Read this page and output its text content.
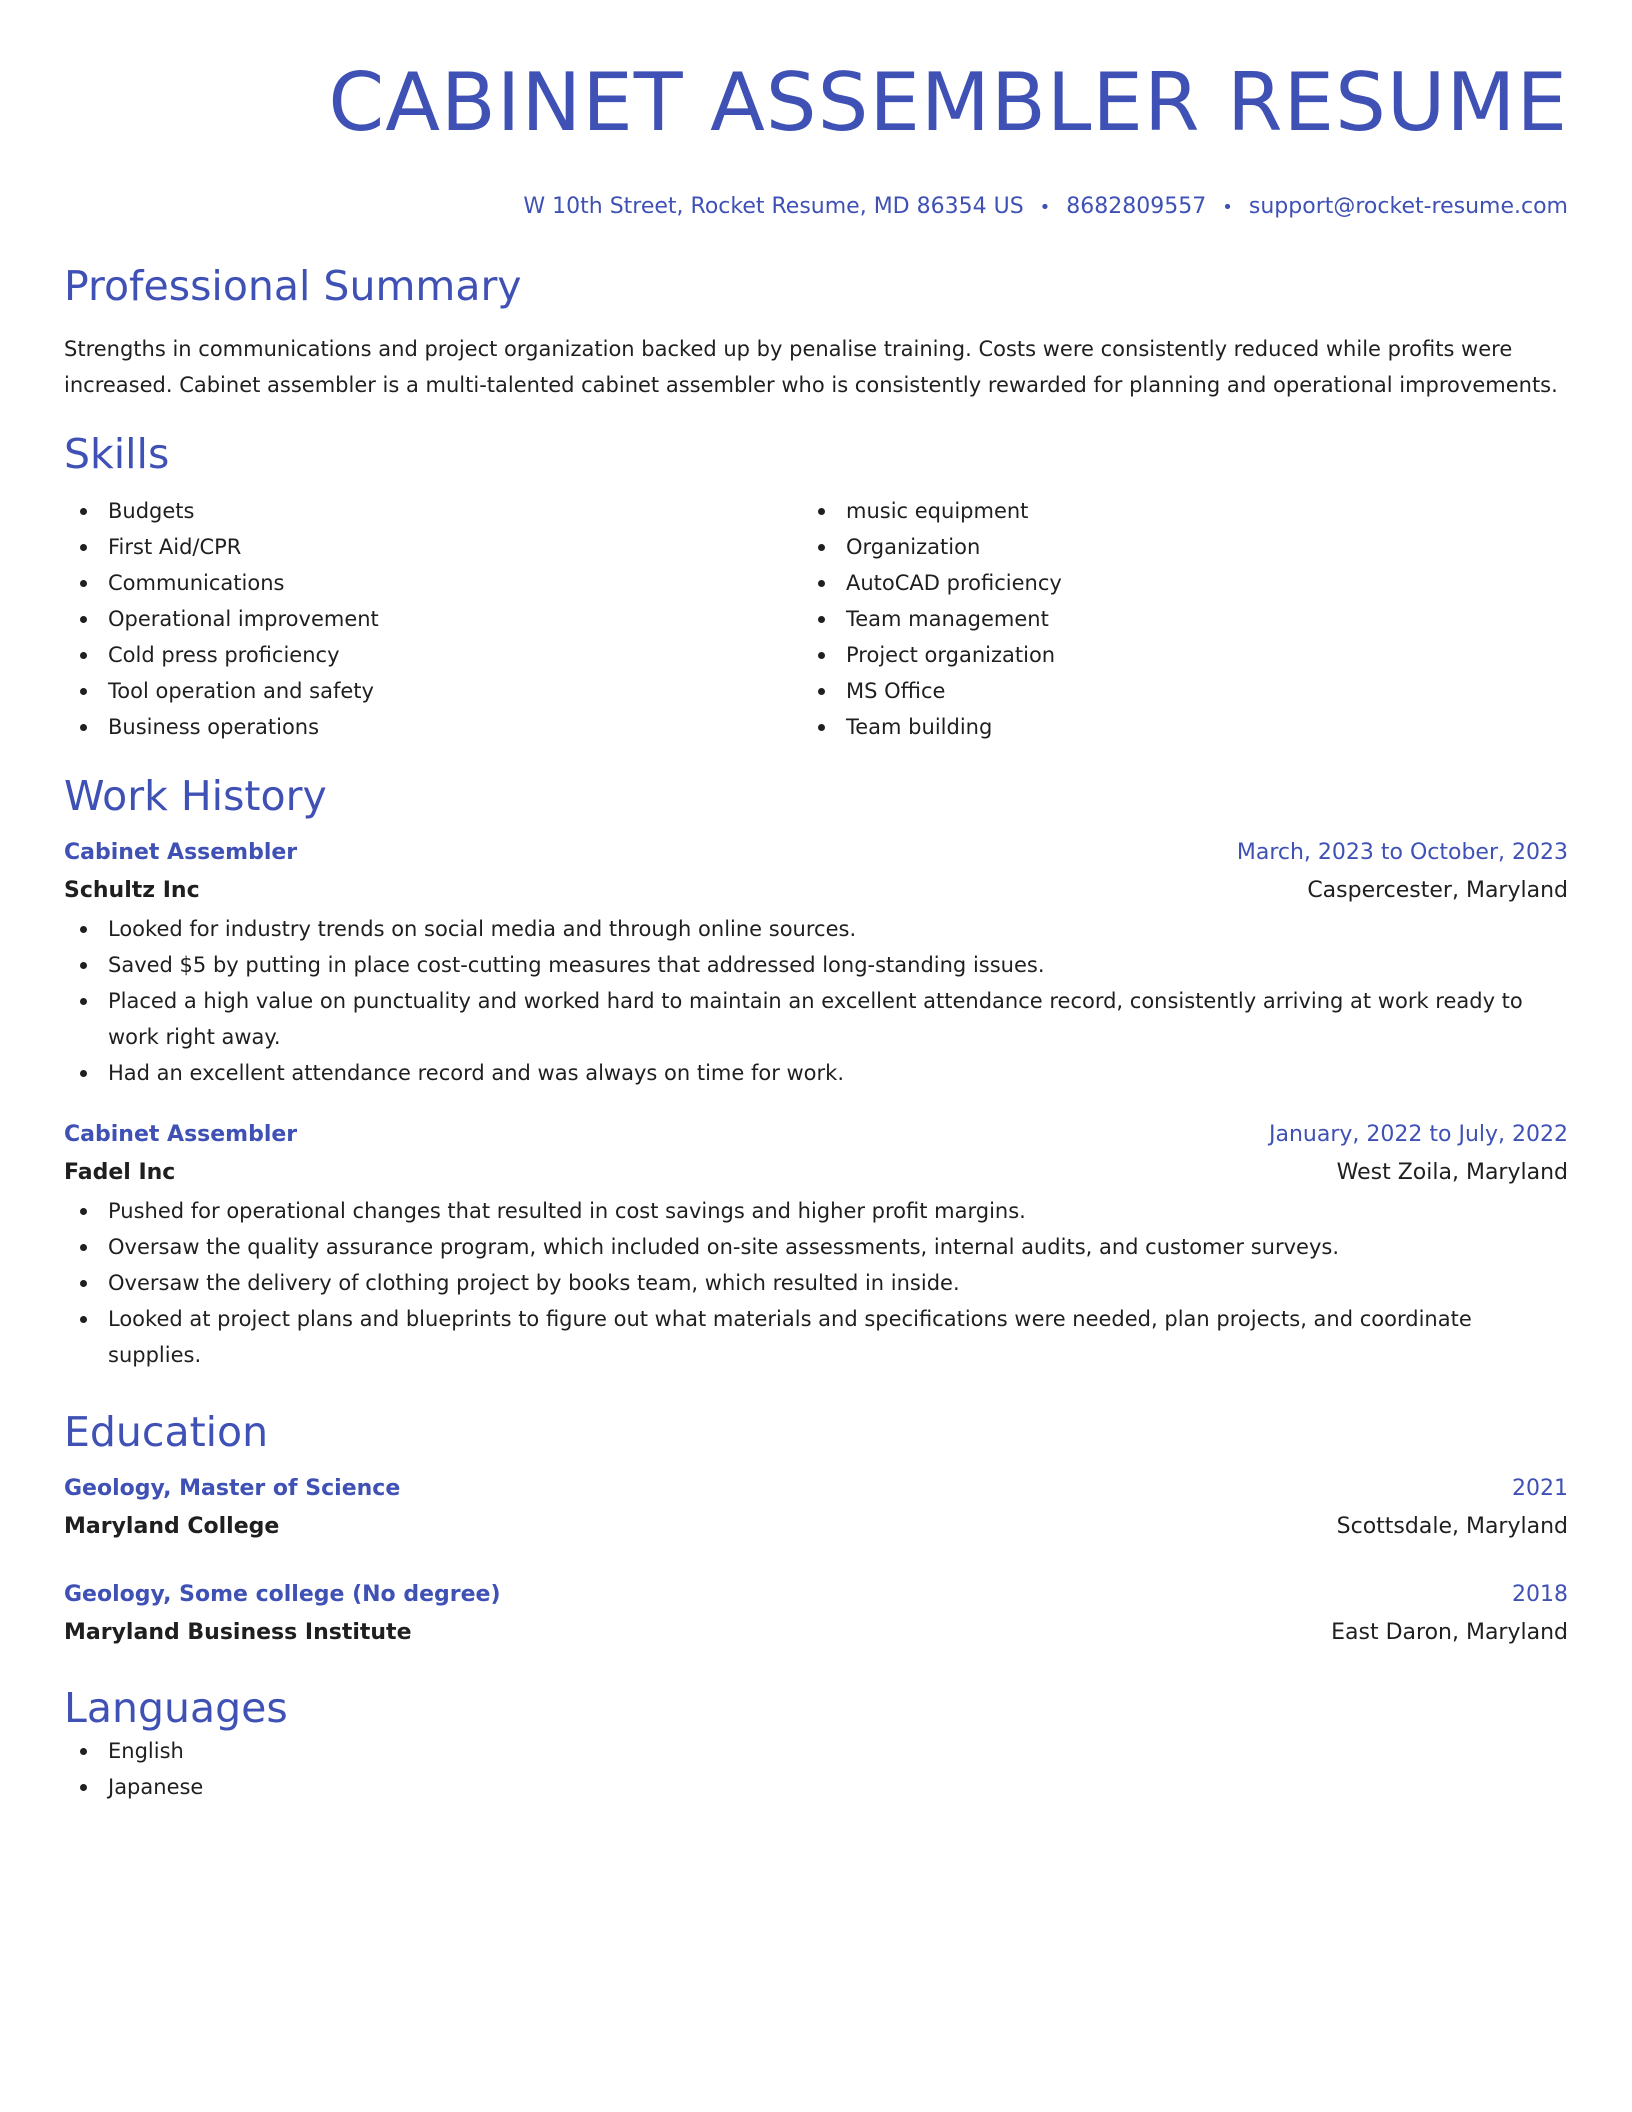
CABINET ASSEMBLER RESUME
W 10th Street, Rocket Resume, MD 86354 US • 8682809557 • support@rocket-resume.com
Professional Summary

Strengths in communications and project organization backed up by penalise training. Costs were consistently reduced while profits were increased. Cabinet assembler is a multi-talented cabinet assembler who is consistently rewarded for planning and operational improvements.

Skills
Budgets
First Aid/CPR
Communications
Operational improvement
Cold press proficiency
Tool operation and safety
Business operations
music equipment
Organization
AutoCAD proficiency
Team management
Project organization
MS Office
Team building
Work History
Cabinet Assembler	March, 2023 to October, 2023
Schultz Inc	Caspercester, Maryland
Looked for industry trends on social media and through online sources.
Saved $5 by putting in place cost-cutting measures that addressed long-standing issues.
Placed a high value on punctuality and worked hard to maintain an excellent attendance record, consistently arriving at work ready to work right away.
Had an excellent attendance record and was always on time for work.
Cabinet Assembler	January, 2022 to July, 2022
Fadel Inc	West Zoila, Maryland
Pushed for operational changes that resulted in cost savings and higher profit margins.
Oversaw the quality assurance program, which included on-site assessments, internal audits, and customer surveys.
Oversaw the delivery of clothing project by books team, which resulted in inside.
Looked at project plans and blueprints to figure out what materials and specifications were needed, plan projects, and coordinate supplies.
Education
Geology, Master of Science	2021
Maryland College	Scottsdale, Maryland
Geology, Some college (No degree)	2018
Maryland Business Institute	East Daron, Maryland
Languages
English
Japanese
